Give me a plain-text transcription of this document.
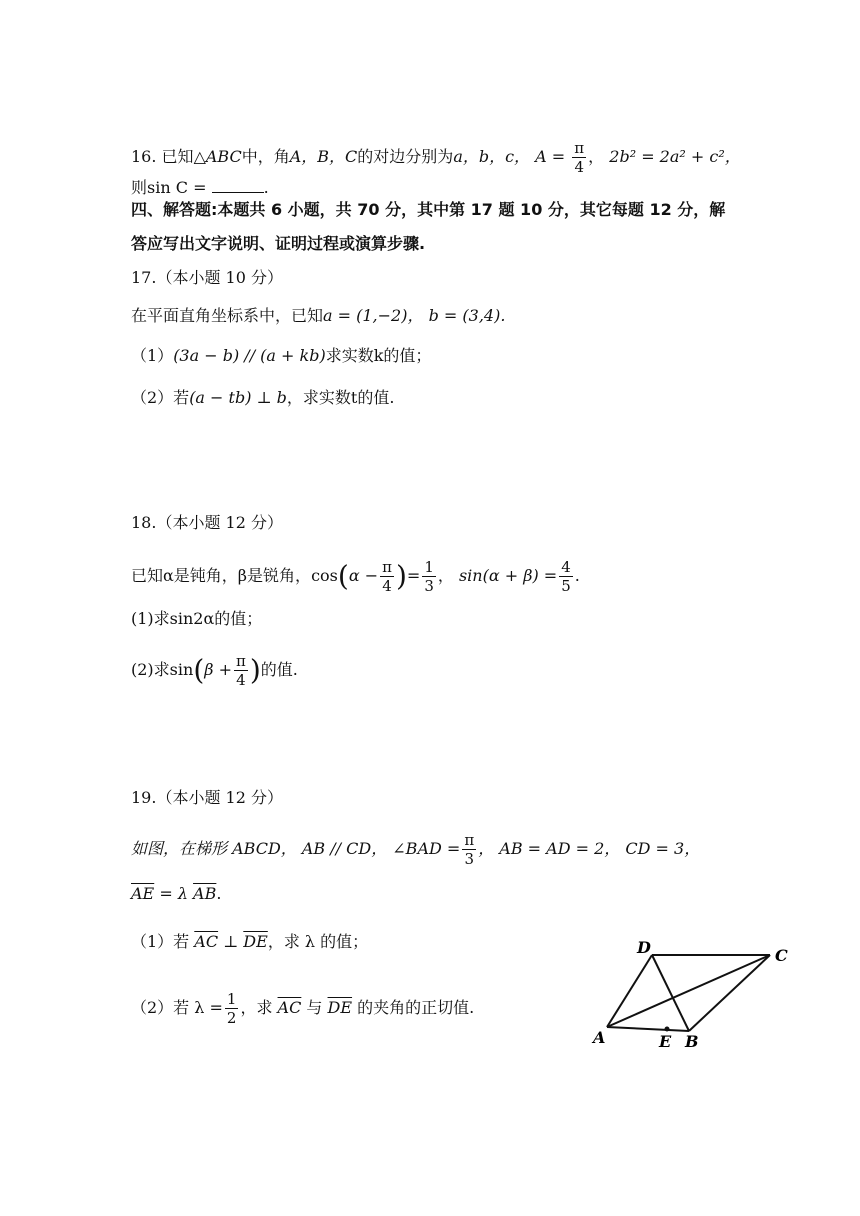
16. 已知△ABC中，角A，B，C的对边分别为a，b，c， $A = \frac{\pi}{4}$ ， 2b² = 2a² + c²，
则sin C =	.
四、解答题:本题共 6 小题，共 70 分，其中第 17 题 10 分，其它每题 12 分，解
答应写出文字说明、证明过程或演算步骤.
17.（本小题 10 分）
在平面直角坐标系中，已知a = (1,−2)， b = (3,4).
（1）(3a − b) // (a + kb)求实数k的值；
（2）若(a − tb) ⊥ b，求实数t的值.
18.（本小题 12 分）
已知α是钝角，β是锐角，$\cos(\alpha - \frac{\pi}{4}$ )= $\frac{1}{3}$ ， $\sin(\alpha + \beta) = \frac{4}{5}$ .
(1)求sin2α的值；
(2)求$\sin(\beta + \frac{\pi}{4}$ )的值.
19.（本小题 12 分）
如图，在梯形 ABCD， AB // CD， ∠BAD = $\frac{\pi}{3}$ ， AB = AD = 2， CD = 3，
$\overline{AE} = \lambda$ $\overline{AB}$.
（1）若 $\overline{AC}$ ⊥ $\overline{DE}$，求 λ 的值；
（2）若 $\lambda = \frac{1}{2}$ ，求 $\overline{AC}$ 与 $\overline{DE}$ 的夹角的正切值.
D	C
A	E B
